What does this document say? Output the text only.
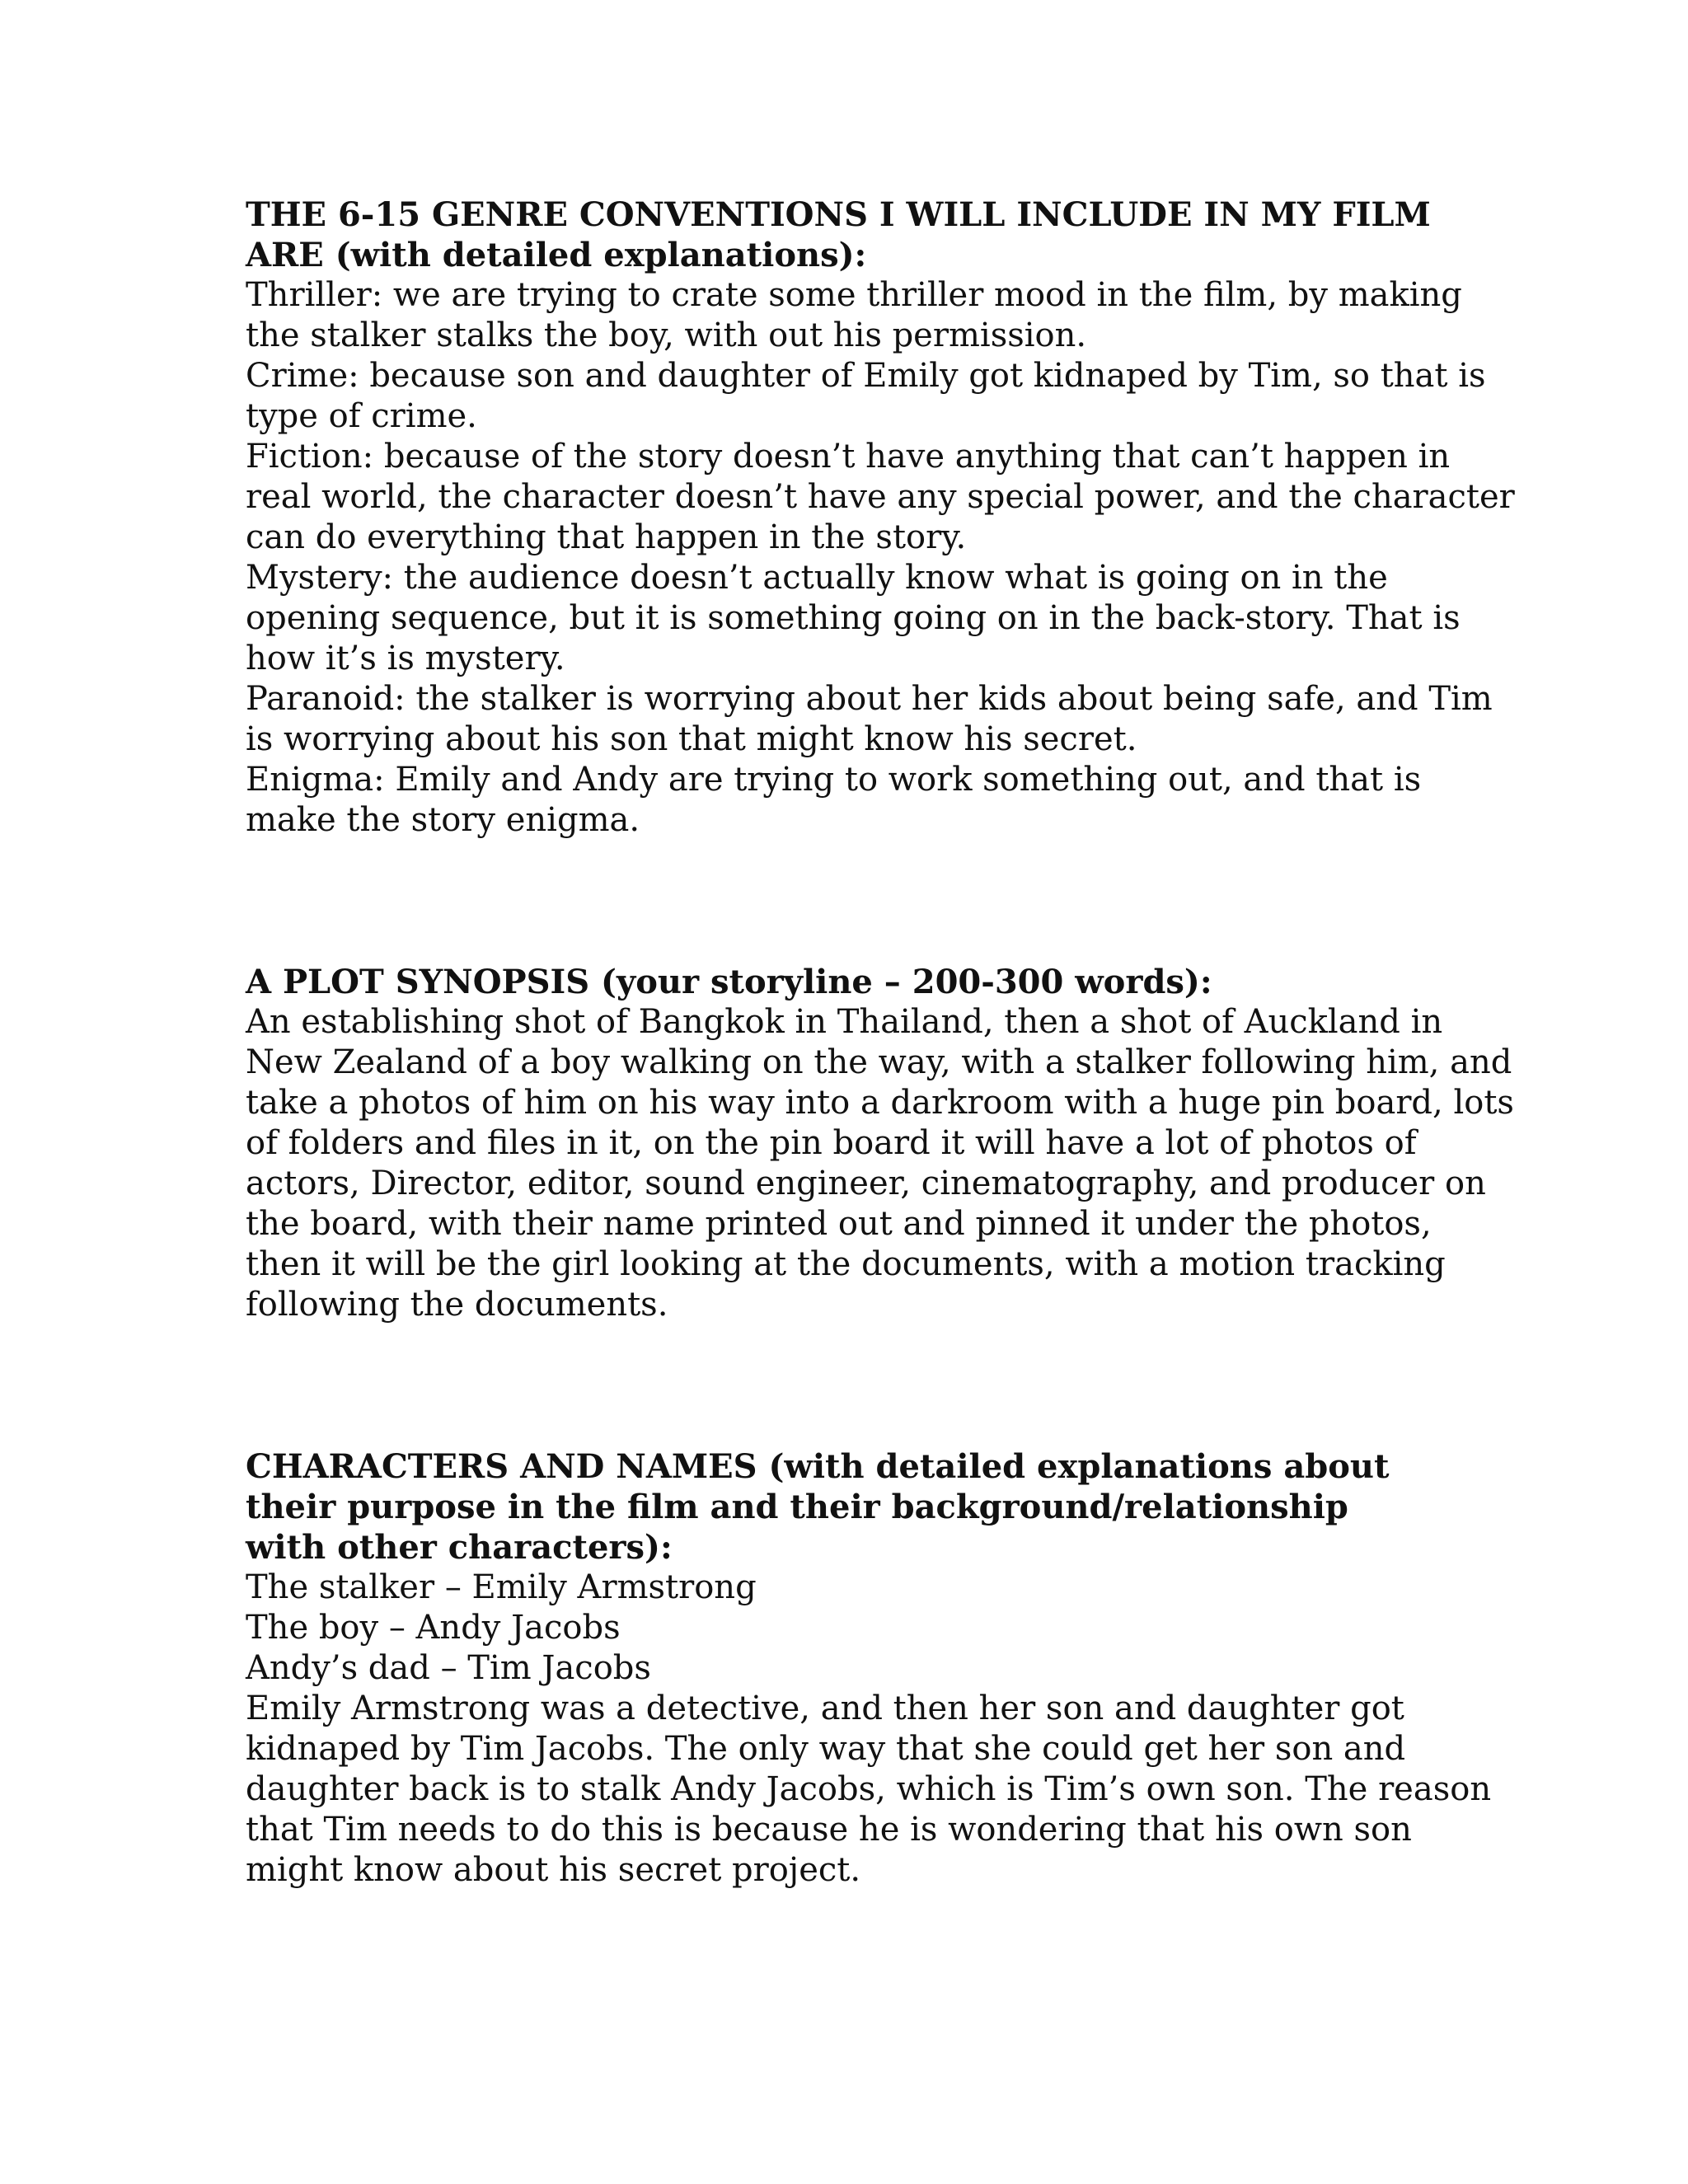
THE 6-15 GENRE CONVENTIONS I WILL INCLUDE IN MY FILM

ARE (with detailed explanations):

Thriller: we are trying to crate some thriller mood in the film, by making

the stalker stalks the boy, with out his permission.

Crime: because son and daughter of Emily got kidnaped by Tim, so that is

type of crime.

Fiction: because of the story doesn’t have anything that can’t happen in

real world, the character doesn’t have any special power, and the character

can do everything that happen in the story.

Mystery: the audience doesn’t actually know what is going on in the

opening sequence, but it is something going on in the back-story. That is

how it’s is mystery.

Paranoid: the stalker is worrying about her kids about being safe, and Tim

is worrying about his son that might know his secret.

Enigma: Emily and Andy are trying to work something out, and that is

make the story enigma.

A PLOT SYNOPSIS (your storyline – 200-300 words):

An establishing shot of Bangkok in Thailand, then a shot of Auckland in

New Zealand of a boy walking on the way, with a stalker following him, and

take a photos of him on his way into a darkroom with a huge pin board, lots

of folders and files in it, on the pin board it will have a lot of photos of

actors, Director, editor, sound engineer, cinematography, and producer on

the board, with their name printed out and pinned it under the photos,

then it will be the girl looking at the documents, with a motion tracking

following the documents.

CHARACTERS AND NAMES (with detailed explanations about

their purpose in the film and their background/relationship

with other characters):

The stalker – Emily Armstrong

The boy – Andy Jacobs

Andy’s dad – Tim Jacobs

Emily Armstrong was a detective, and then her son and daughter got

kidnaped by Tim Jacobs. The only way that she could get her son and

daughter back is to stalk Andy Jacobs, which is Tim’s own son. The reason

that Tim needs to do this is because he is wondering that his own son

might know about his secret project.
